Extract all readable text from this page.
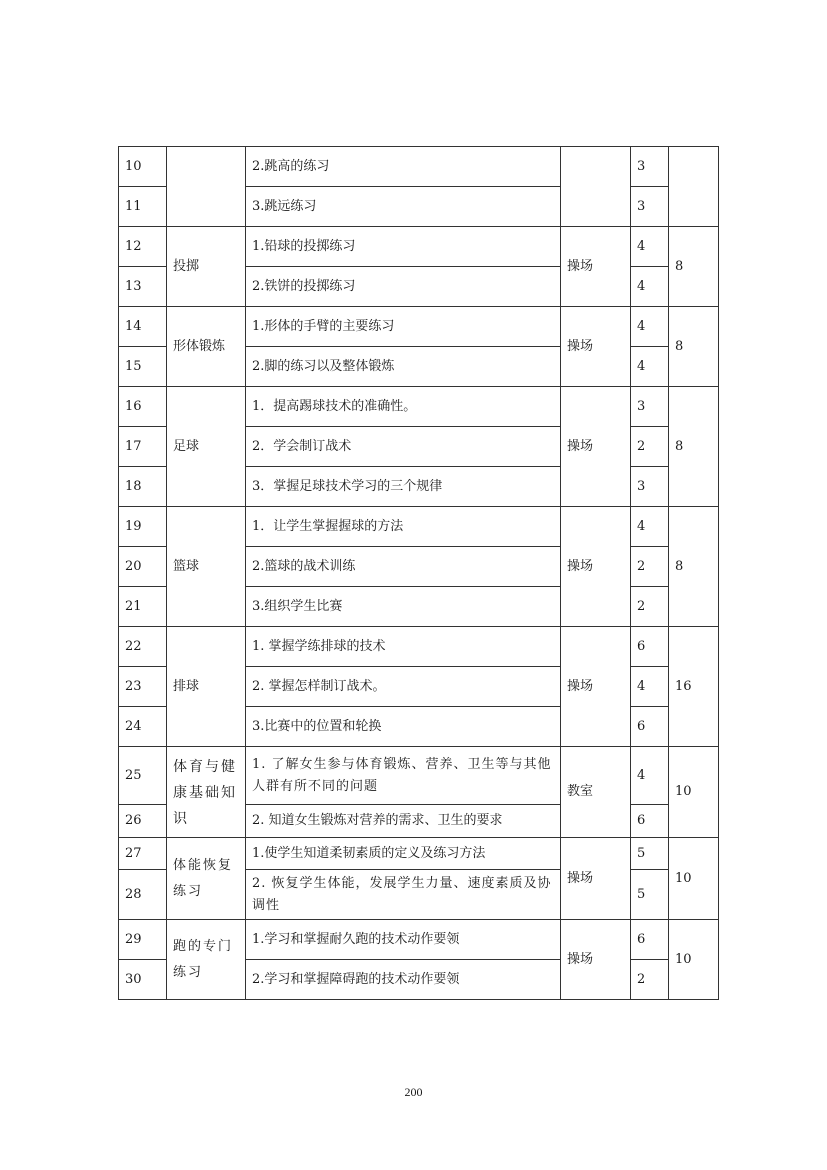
10		2.跳高的练习		3	
11		3.跳远练习		3	
12	投掷	1.铅球的投掷练习	操场	4	8
13		2.铁饼的投掷练习		4	
14	形体锻炼	1.形体的手臂的主要练习	操场	4	8
15		2.脚的练习以及整体锻炼		4	
16	足球	1．提高踢球技术的准确性。	操场	3	8
17		2．学会制订战术		2	
18		3．掌握足球技术学习的三个规律		3	
19	篮球	1．让学生掌握握球的方法	操场	4	8
20		2.篮球的战术训练		2	
21		3.组织学生比赛		2	
22	排球	1. 掌握学练排球的技术	操场	6	16
23		2. 掌握怎样制订战术。		4	
24		3.比赛中的位置和轮换		6	
25	体育与健康基础知识	1. 了解女生参与体育锻炼、营养、卫生等与其他人群有所不同的问题	教室	4	10
26		2. 知道女生锻炼对营养的需求、卫生的要求		6	
27	体能恢复练习	1.使学生知道柔韧素质的定义及练习方法	操场	5	10
28		2. 恢复学生体能，发展学生力量、速度素质及协调性		5	
29	跑的专门练习	1.学习和掌握耐久跑的技术动作要领	操场	6	10
30		2.学习和掌握障碍跑的技术动作要领		2	
200
